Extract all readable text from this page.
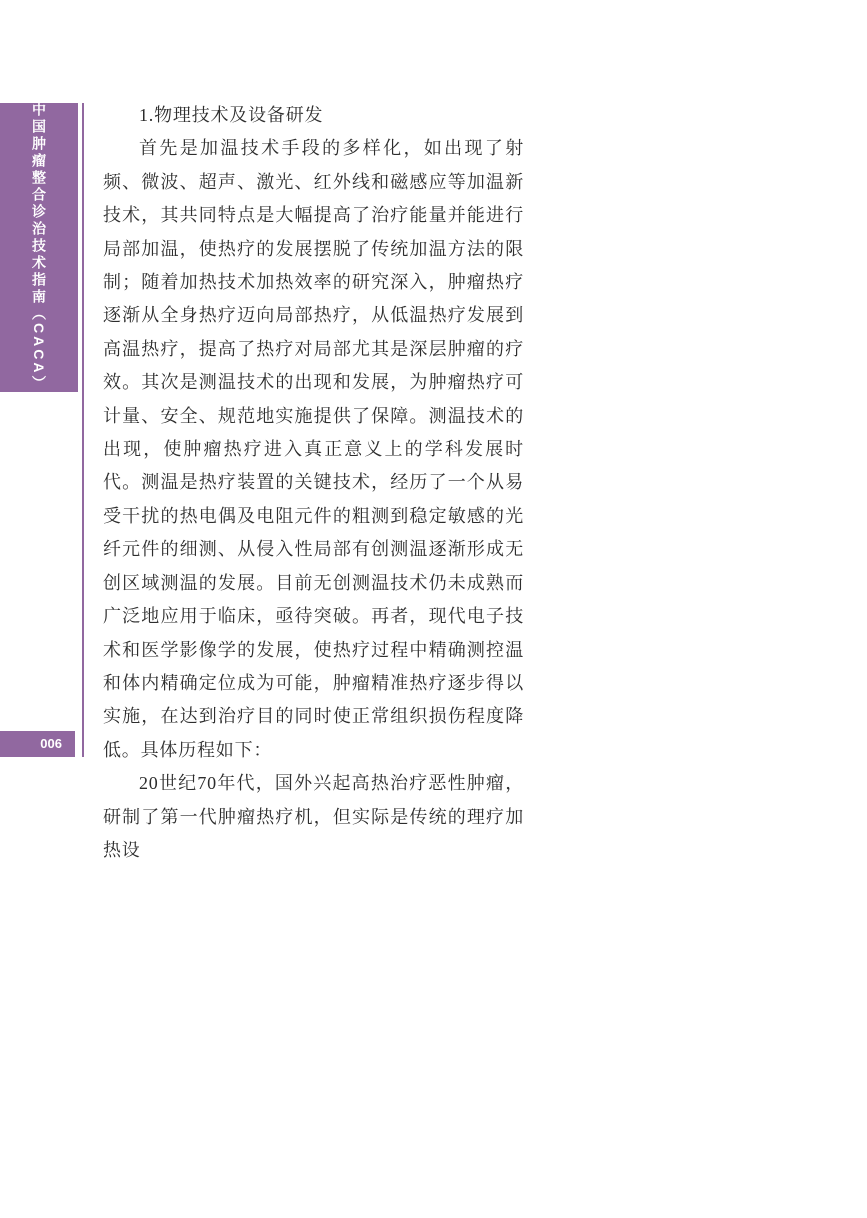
中国肿瘤整合诊治技术指南（CACA）
006
1.物理技术及设备研发

首先是加温技术手段的多样化，如出现了射频、微波、超声、激光、红外线和磁感应等加温新技术，其共同特点是大幅提高了治疗能量并能进行局部加温，使热疗的发展摆脱了传统加温方法的限制；随着加热技术加热效率的研究深入，肿瘤热疗逐渐从全身热疗迈向局部热疗，从低温热疗发展到高温热疗，提高了热疗对局部尤其是深层肿瘤的疗效。其次是测温技术的出现和发展，为肿瘤热疗可计量、安全、规范地实施提供了保障。测温技术的出现，使肿瘤热疗进入真正意义上的学科发展时代。测温是热疗装置的关键技术，经历了一个从易受干扰的热电偶及电阻元件的粗测到稳定敏感的光纤元件的细测、从侵入性局部有创测温逐渐形成无创区域测温的发展。目前无创测温技术仍未成熟而广泛地应用于临床，亟待突破。再者，现代电子技术和医学影像学的发展，使热疗过程中精确测控温和体内精确定位成为可能，肿瘤精准热疗逐步得以实施，在达到治疗目的同时使正常组织损伤程度降低。具体历程如下：

20世纪70年代，国外兴起高热治疗恶性肿瘤，研制了第一代肿瘤热疗机，但实际是传统的理疗加热设
